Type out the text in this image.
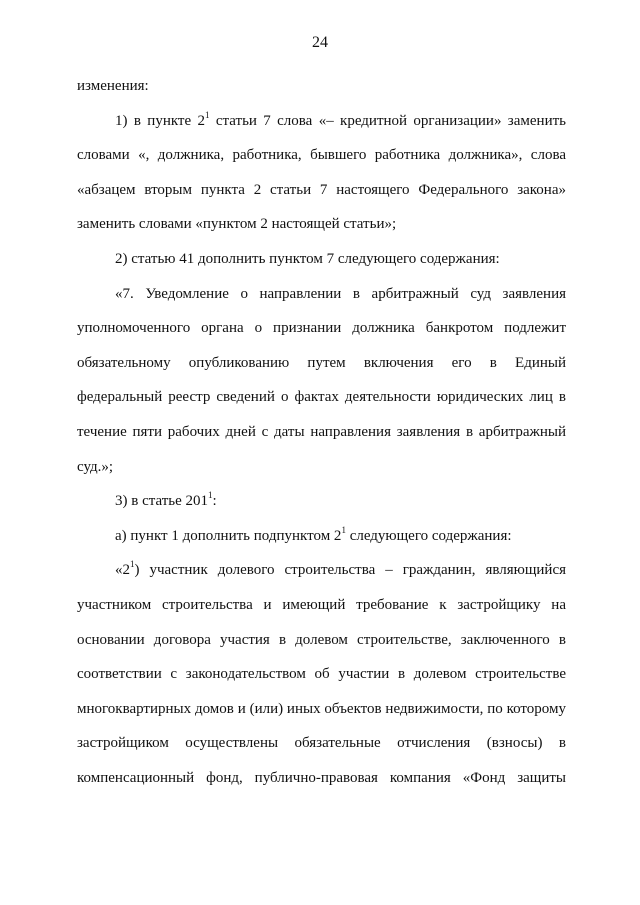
24

изменения:

1) в пункте $2^1$ статьи 7 слова «– кредитной организации» заменить словами «, должника, работника, бывшего работника должника», слова «абзацем вторым пункта 2 статьи 7 настоящего Федерального закона» заменить словами «пунктом 2 настоящей статьи»;

2) статью 41 дополнить пунктом 7 следующего содержания:

«7. Уведомление о направлении в арбитражный суд заявления уполномоченного органа о признании должника банкротом подлежит обязательному опубликованию путем включения его в Единый федеральный реестр сведений о фактах деятельности юридических лиц в течение пяти рабочих дней с даты направления заявления в арбитражный суд.»;

3) в статье $201^1$:

а) пункт 1 дополнить подпунктом $2^1$ следующего содержания:

«$2^1$) участник долевого строительства – гражданин, являющийся участником строительства и имеющий требование к застройщику на основании договора участия в долевом строительстве, заключенного в соответствии с законодательством об участии в долевом строительстве многоквартирных домов и (или) иных объектов недвижимости, по которому застройщиком осуществлены обязательные отчисления (взносы) в компенсационный фонд, публично-правовая компания «Фонд защиты
